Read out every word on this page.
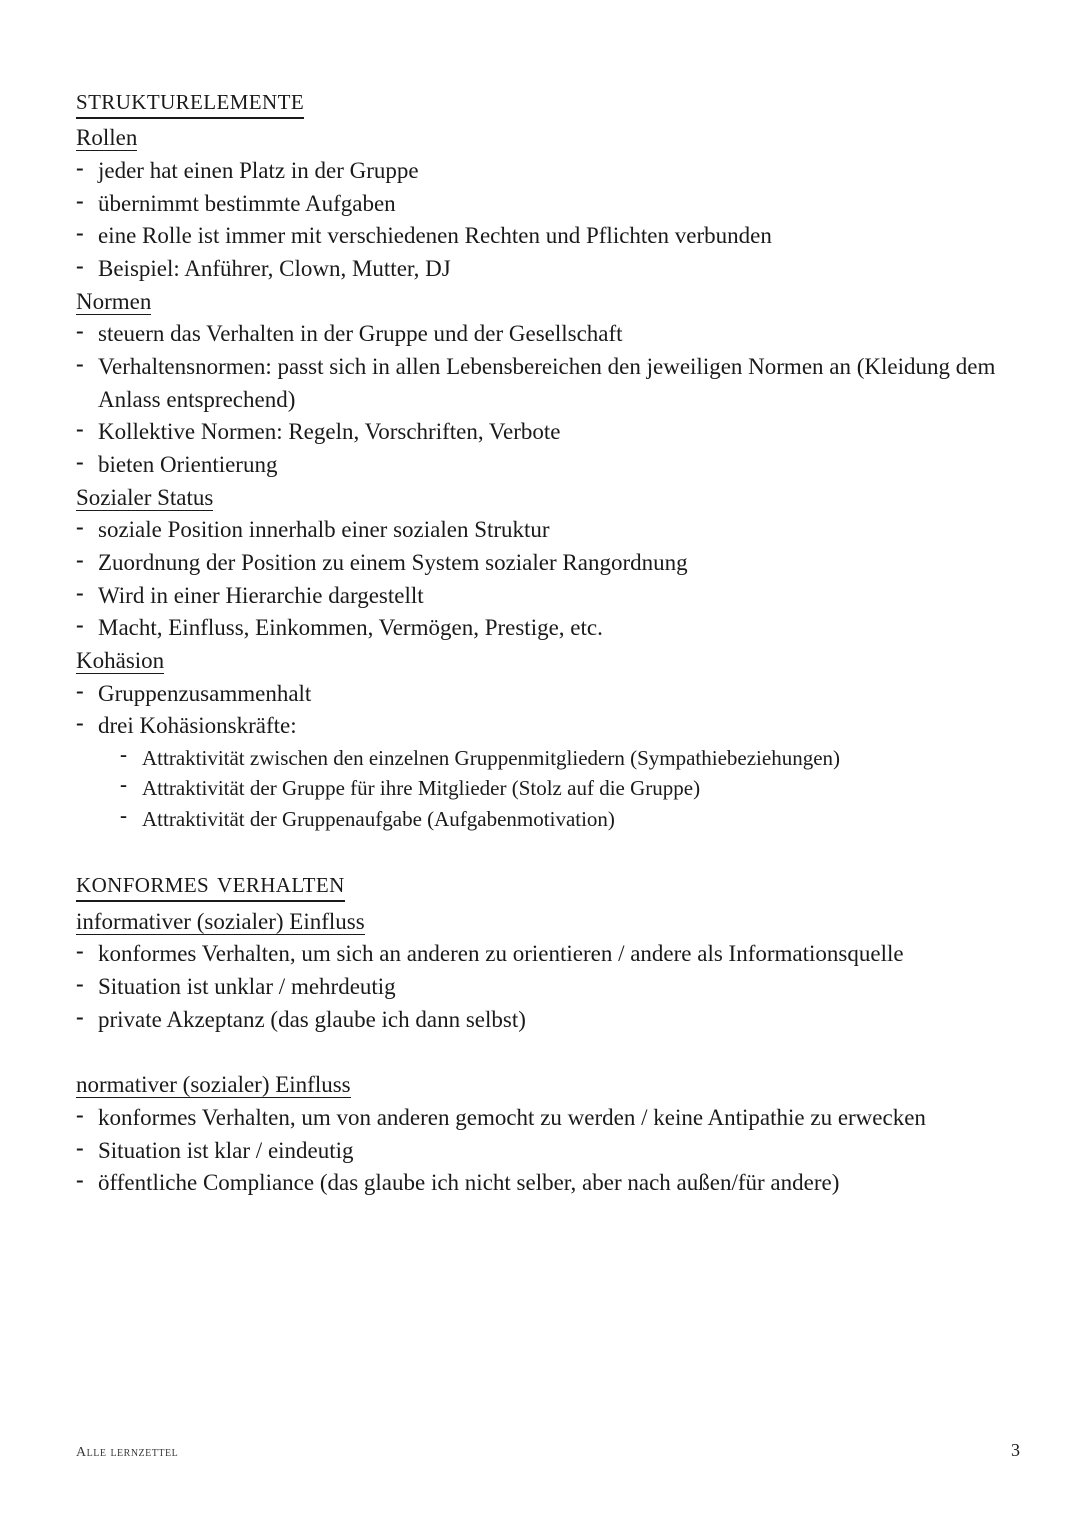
strukturelemente
Rollen
- jeder hat einen Platz in der Gruppe
- übernimmt bestimmte Aufgaben
- eine Rolle ist immer mit verschiedenen Rechten und Pflichten verbunden
- Beispiel: Anführer, Clown, Mutter, DJ
Normen
- steuern das Verhalten in der Gruppe und der Gesellschaft
- Verhaltensnormen: passt sich in allen Lebensbereichen den jeweiligen Normen an (Kleidung dem Anlass entsprechend)
- Kollektive Normen: Regeln, Vorschriften, Verbote
- bieten Orientierung
Sozialer Status
- soziale Position innerhalb einer sozialen Struktur
- Zuordnung der Position zu einem System sozialer Rangordnung
- Wird in einer Hierarchie dargestellt
- Macht, Einfluss, Einkommen, Vermögen, Prestige, etc.
Kohäsion
- Gruppenzusammenhalt
- drei Kohäsionskräfte:
- Attraktivität zwischen den einzelnen Gruppenmitgliedern (Sympathiebeziehungen)
- Attraktivität der Gruppe für ihre Mitglieder (Stolz auf die Gruppe)
- Attraktivität der Gruppenaufgabe (Aufgabenmotivation)
konformes verhalten
informativer (sozialer) Einfluss
- konformes Verhalten, um sich an anderen zu orientieren / andere als Informationsquelle
- Situation ist unklar / mehrdeutig
- private Akzeptanz (das glaube ich dann selbst)
normativer (sozialer) Einfluss
- konformes Verhalten, um von anderen gemocht zu werden / keine Antipathie zu erwecken
- Situation ist klar / eindeutig
- öffentliche Compliance (das glaube ich nicht selber, aber nach außen/für andere)
Alle lernzettel	3
